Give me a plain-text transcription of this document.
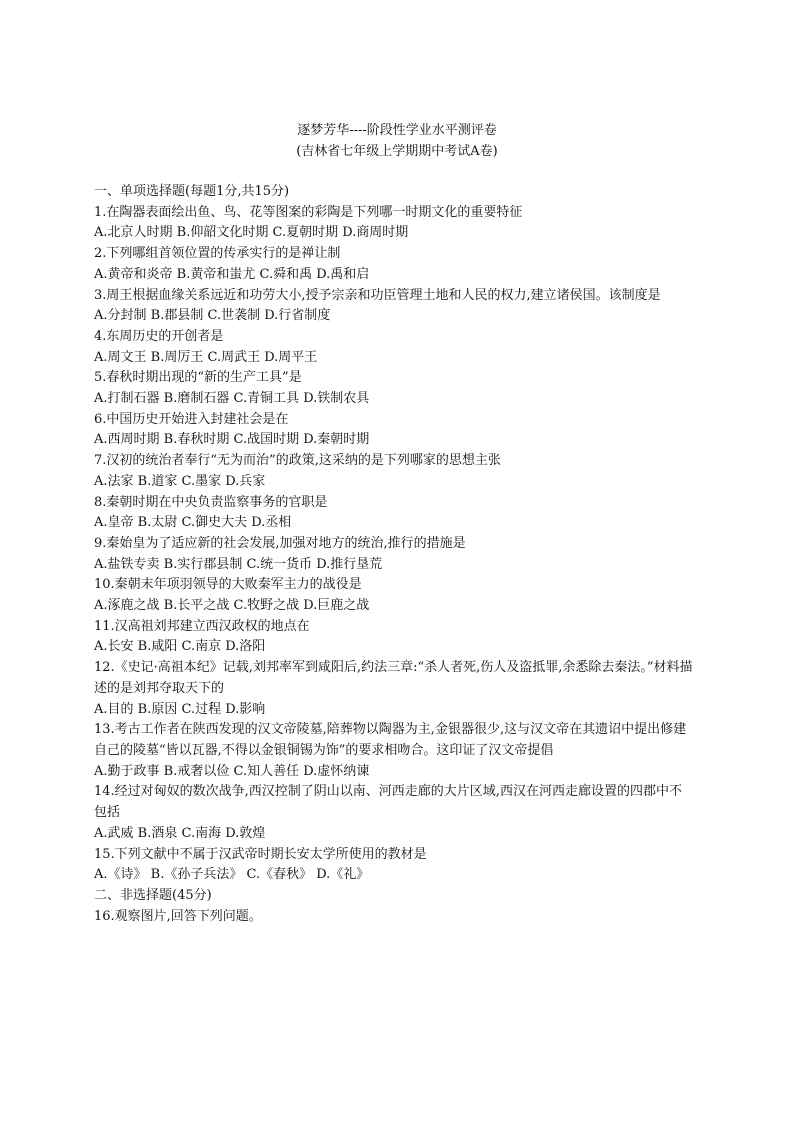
逐梦芳华----阶段性学业水平测评卷
(吉林省七年级上学期期中考试A卷)
一、单项选择题(每题1分,共15分)
1.在陶器表面绘出鱼、鸟、花等图案的彩陶是下列哪一时期文化的重要特征
A.北京人时期 B.仰韶文化时期 C.夏朝时期 D.商周时期
2.下列哪组首领位置的传承实行的是禅让制
A.黄帝和炎帝 B.黄帝和蚩尤 C.舜和禹 D.禹和启
3.周王根据血缘关系远近和功劳大小,授予宗亲和功臣管理土地和人民的权力,建立诸侯国。该制度是
A.分封制 B.郡县制 C.世袭制 D.行省制度
4.东周历史的开创者是
A.周文王 B.周厉王 C.周武王 D.周平王
5.春秋时期出现的“新的生产工具”是
A.打制石器 B.磨制石器 C.青铜工具 D.铁制农具
6.中国历史开始进入封建社会是在
A.西周时期 B.春秋时期 C.战国时期 D.秦朝时期
7.汉初的统治者奉行“无为而治”的政策,这采纳的是下列哪家的思想主张
A.法家 B.道家 C.墨家 D.兵家
8.秦朝时期在中央负责监察事务的官职是
A.皇帝 B.太尉 C.御史大夫 D.丞相
9.秦始皇为了适应新的社会发展,加强对地方的统治,推行的措施是
A.盐铁专卖 B.实行郡县制 C.统一货币 D.推行垦荒
10.秦朝末年项羽领导的大败秦军主力的战役是
A.涿鹿之战 B.长平之战 C.牧野之战 D.巨鹿之战
11.汉高祖刘邦建立西汉政权的地点在
A.长安 B.咸阳 C.南京 D.洛阳
12.《史记·高祖本纪》记载,刘邦率军到咸阳后,约法三章:“杀人者死,伤人及盗抵罪,余悉除去秦法。”材料描述的是刘邦夺取天下的
A.目的 B.原因 C.过程 D.影响
13.考古工作者在陕西发现的汉文帝陵墓,陪葬物以陶器为主,金银器很少,这与汉文帝在其遗诏中提出修建自己的陵墓“皆以瓦器,不得以金银铜锡为饰”的要求相吻合。这印证了汉文帝提倡
A.勤于政事 B.戒奢以俭 C.知人善任 D.虚怀纳谏
14.经过对匈奴的数次战争,西汉控制了阴山以南、河西走廊的大片区域,西汉在河西走廊设置的四郡中不包括
A.武威 B.酒泉 C.南海 D.敦煌
15.下列文献中不属于汉武帝时期长安太学所使用的教材是
A.《诗》 B.《孙子兵法》 C.《春秋》 D.《礼》
二、非选择题(45分)
16.观察图片,回答下列问题。
